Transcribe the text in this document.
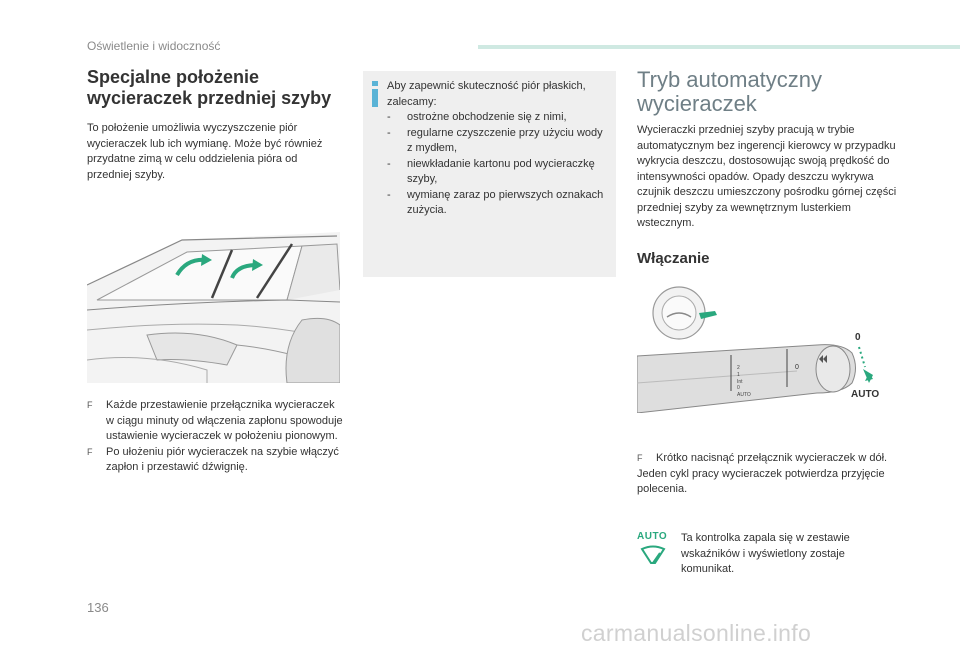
Oświetlenie i widoczność
Specjalne położenie wycieraczek przedniej szyby
To położenie umożliwia wyczyszczenie piór wycieraczek lub ich wymianę. Może być również przydatne zimą w celu oddzielenia pióra od przedniej szyby.
F Każde przestawienie przełącznika wycieraczek w ciągu minuty od włączenia zapłonu spowoduje ustawienie wycieraczek w położeniu pionowym.
F Po ułożeniu piór wycieraczek na szybie włączyć zapłon i przestawić dźwignię.
Aby zapewnić skuteczność piór płaskich, zalecamy:
- ostrożne obchodzenie się z nimi,
- regularne czyszczenie przy użyciu wody z mydłem,
- niewkładanie kartonu pod wycieraczkę szyby,
- wymianę zaraz po pierwszych oznakach zużycia.
Tryb automatyczny wycieraczek
Wycieraczki przedniej szyby pracują w trybie automatycznym bez ingerencji kierowcy w przypadku wykrycia deszczu, dostosowując swoją prędkość do intensywności opadów. Opady deszczu wykrywa czujnik deszczu umieszczony pośrodku górnej części przedniej szyby za wewnętrznym lusterkiem wstecznym.
Włączanie
2
1
Int
0
AUTO
0
AUTO
0
F Krótko nacisnąć przełącznik wycieraczek w dół.
Jeden cykl pracy wycieraczek potwierdza przyjęcie polecenia.
AUTO Ta kontrolka zapala się w zestawie wskaźników i wyświetlony zostaje komunikat.
136
carmanualsonline.info
